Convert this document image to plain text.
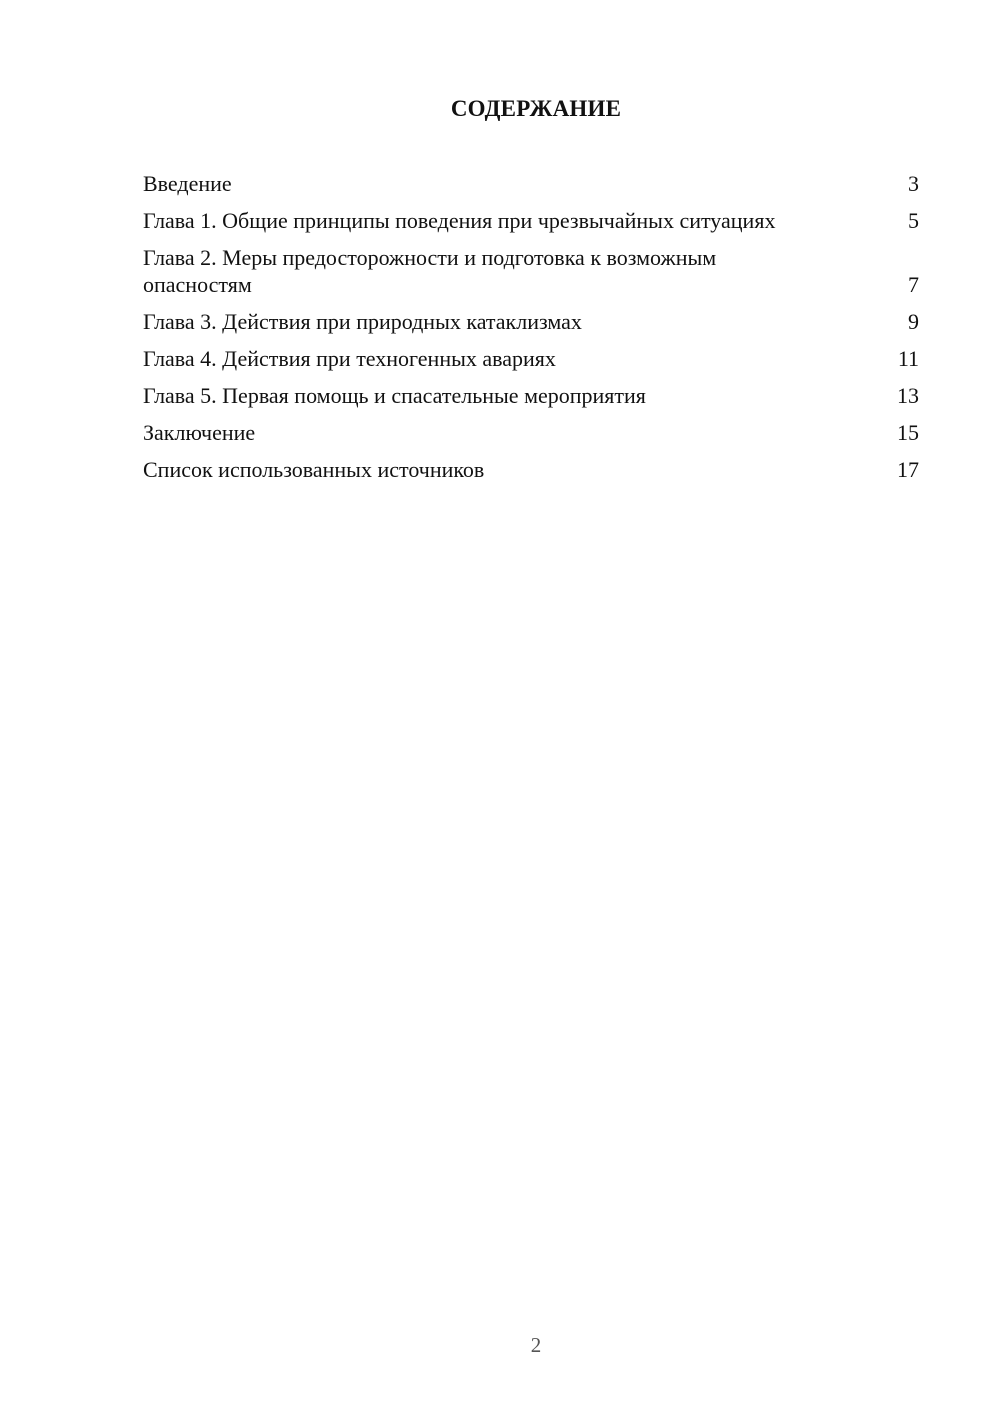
СОДЕРЖАНИЕ
Введение	3
Глава 1. Общие принципы поведения при чрезвычайных ситуациях	5
Глава 2. Меры предосторожности и подготовка к возможным опасностям	7
Глава 3. Действия при природных катаклизмах	9
Глава 4. Действия при техногенных авариях	11
Глава 5. Первая помощь и спасательные мероприятия	13
Заключение	15
Список использованных источников	17
2
